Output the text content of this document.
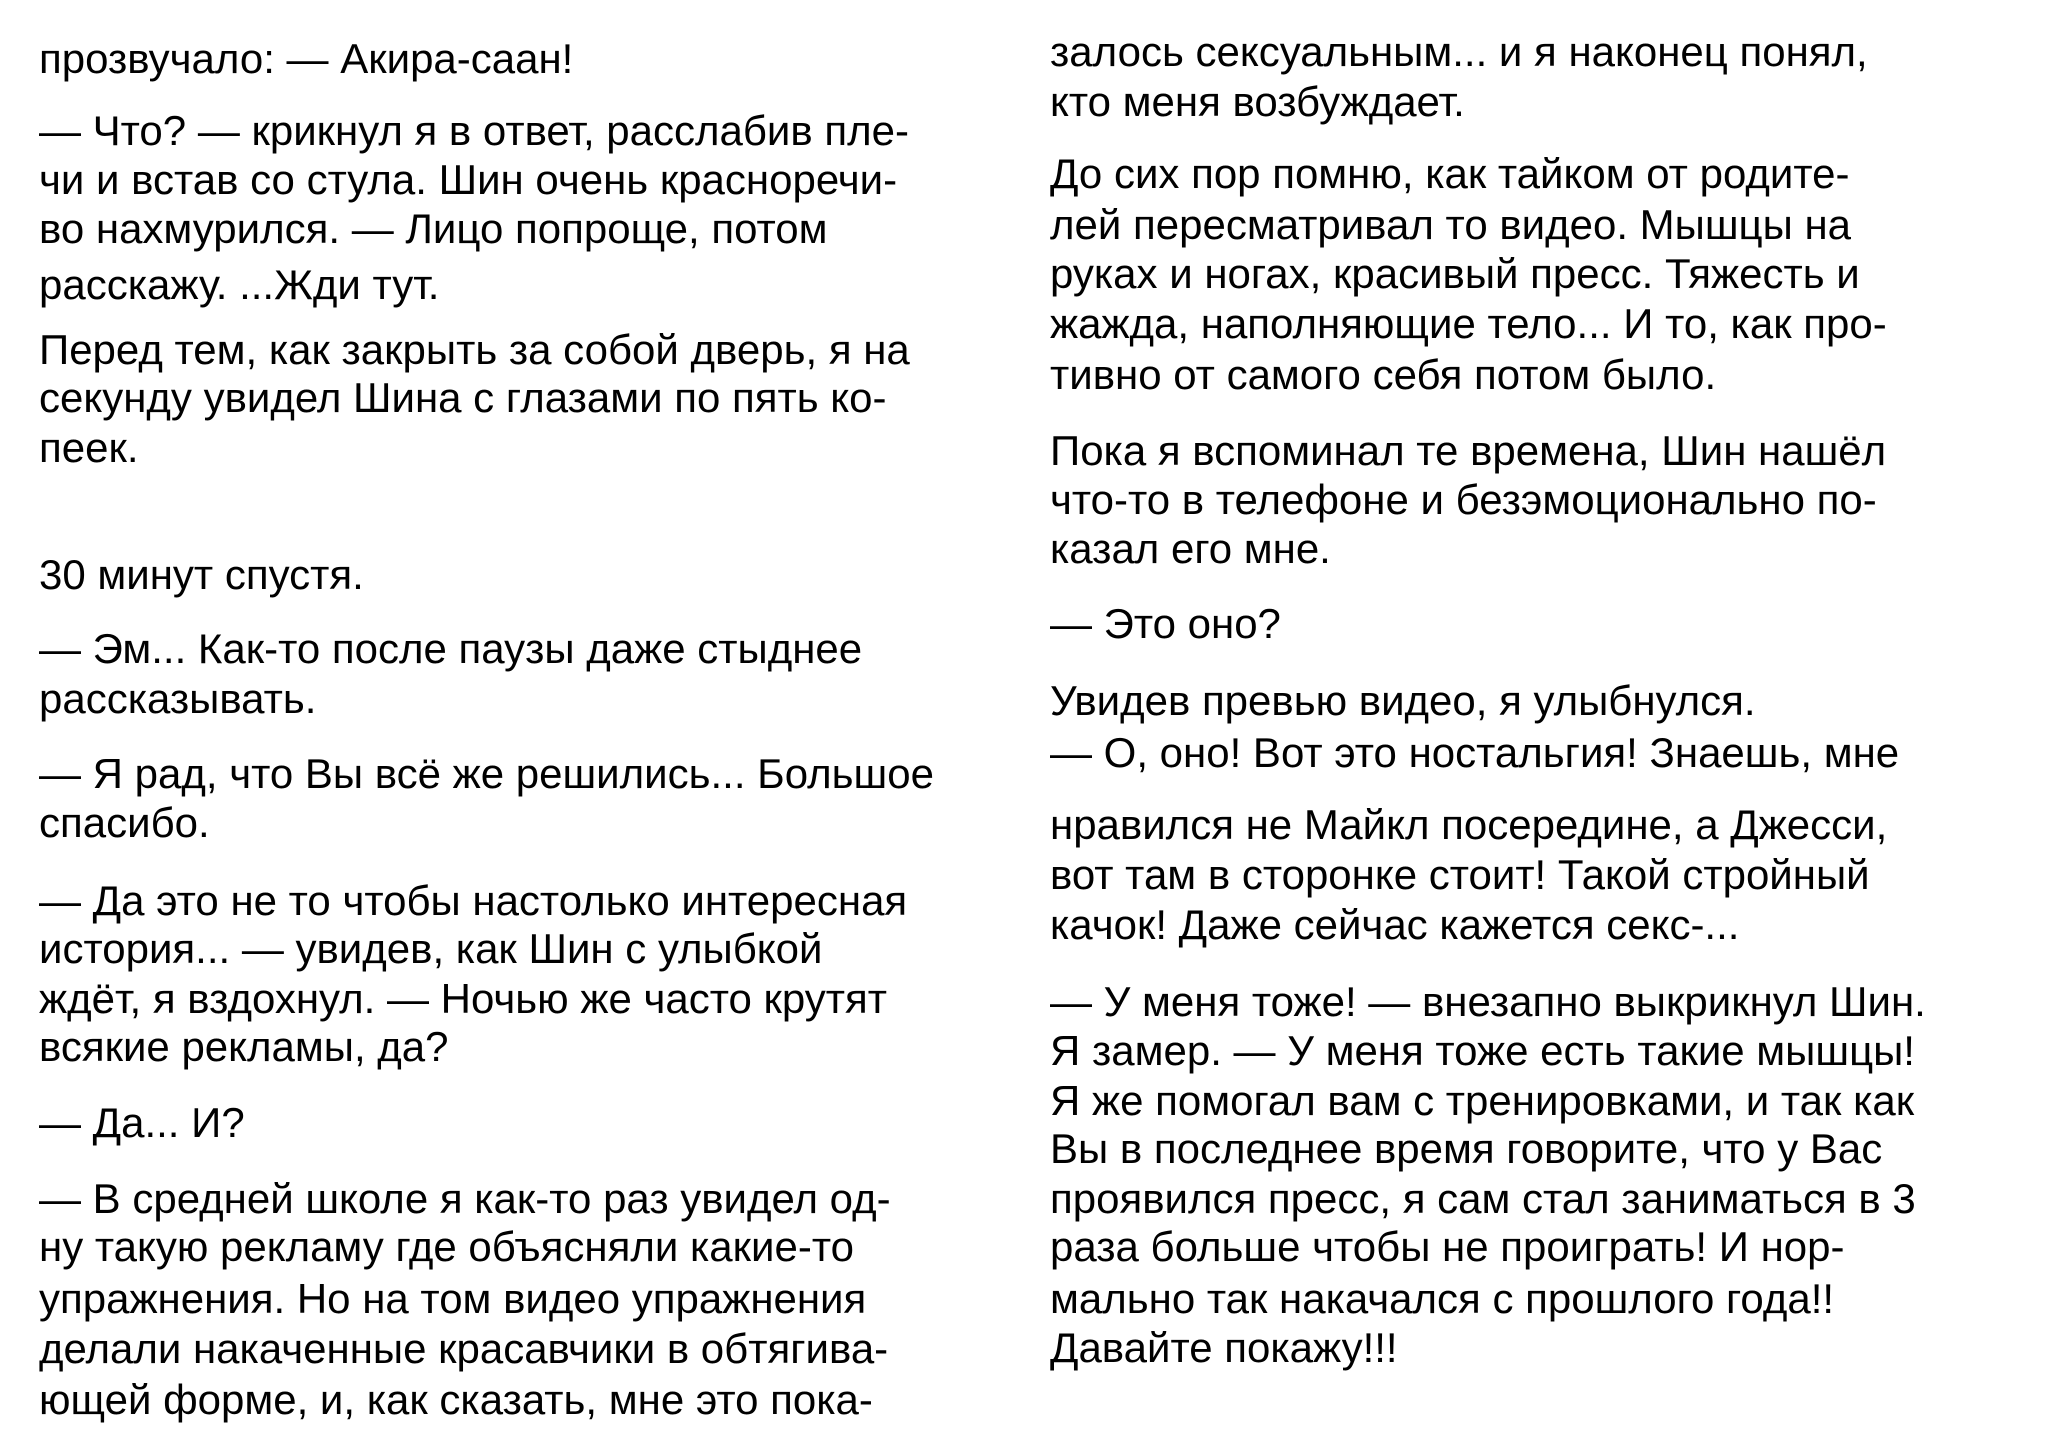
прозвучало: — Акира-саан!
— Что? — крикнул я в ответ, расслабив пле-
чи и встав со стула. Шин очень красноречи-
во нахмурился. — Лицо попроще, потом
расскажу. ...Жди тут.
Перед тем, как закрыть за собой дверь, я на
секунду увидел Шина с глазами по пять ко-
пеек.
30 минут спустя.
— Эм... Как-то после паузы даже стыднее
рассказывать.
— Я рад, что Вы всё же решились... Большое
спасибо.
— Да это не то чтобы настолько интересная
история... — увидев, как Шин с улыбкой
ждёт, я вздохнул. — Ночью же часто крутят
всякие рекламы, да?
— Да... И?
— В средней школе я как-то раз увидел од-
ну такую рекламу где объясняли какие-то
упражнения. Но на том видео упражнения
делали накаченные красавчики в обтягива-
ющей форме, и, как сказать, мне это пока-
залось сексуальным... и я наконец понял,
кто меня возбуждает.
До сих пор помню, как тайком от родите-
лей пересматривал то видео. Мышцы на
руках и ногах, красивый пресс. Тяжесть и
жажда, наполняющие тело... И то, как про-
тивно от самого себя потом было.
Пока я вспоминал те времена, Шин нашёл
что-то в телефоне и безэмоционально по-
казал его мне.
— Это оно?
Увидев превью видео, я улыбнулся.
— О, оно! Вот это ностальгия! Знаешь, мне
нравился не Майкл посередине, а Джесси,
вот там в сторонке стоит! Такой стройный
качок! Даже сейчас кажется секс-...
— У меня тоже! — внезапно выкрикнул Шин.
Я замер. — У меня тоже есть такие мышцы!
Я же помогал вам с тренировками, и так как
Вы в последнее время говорите, что у Вас
проявился пресс, я сам стал заниматься в 3
раза больше чтобы не проиграть! И нор-
мально так накачался с прошлого года!!
Давайте покажу!!!
